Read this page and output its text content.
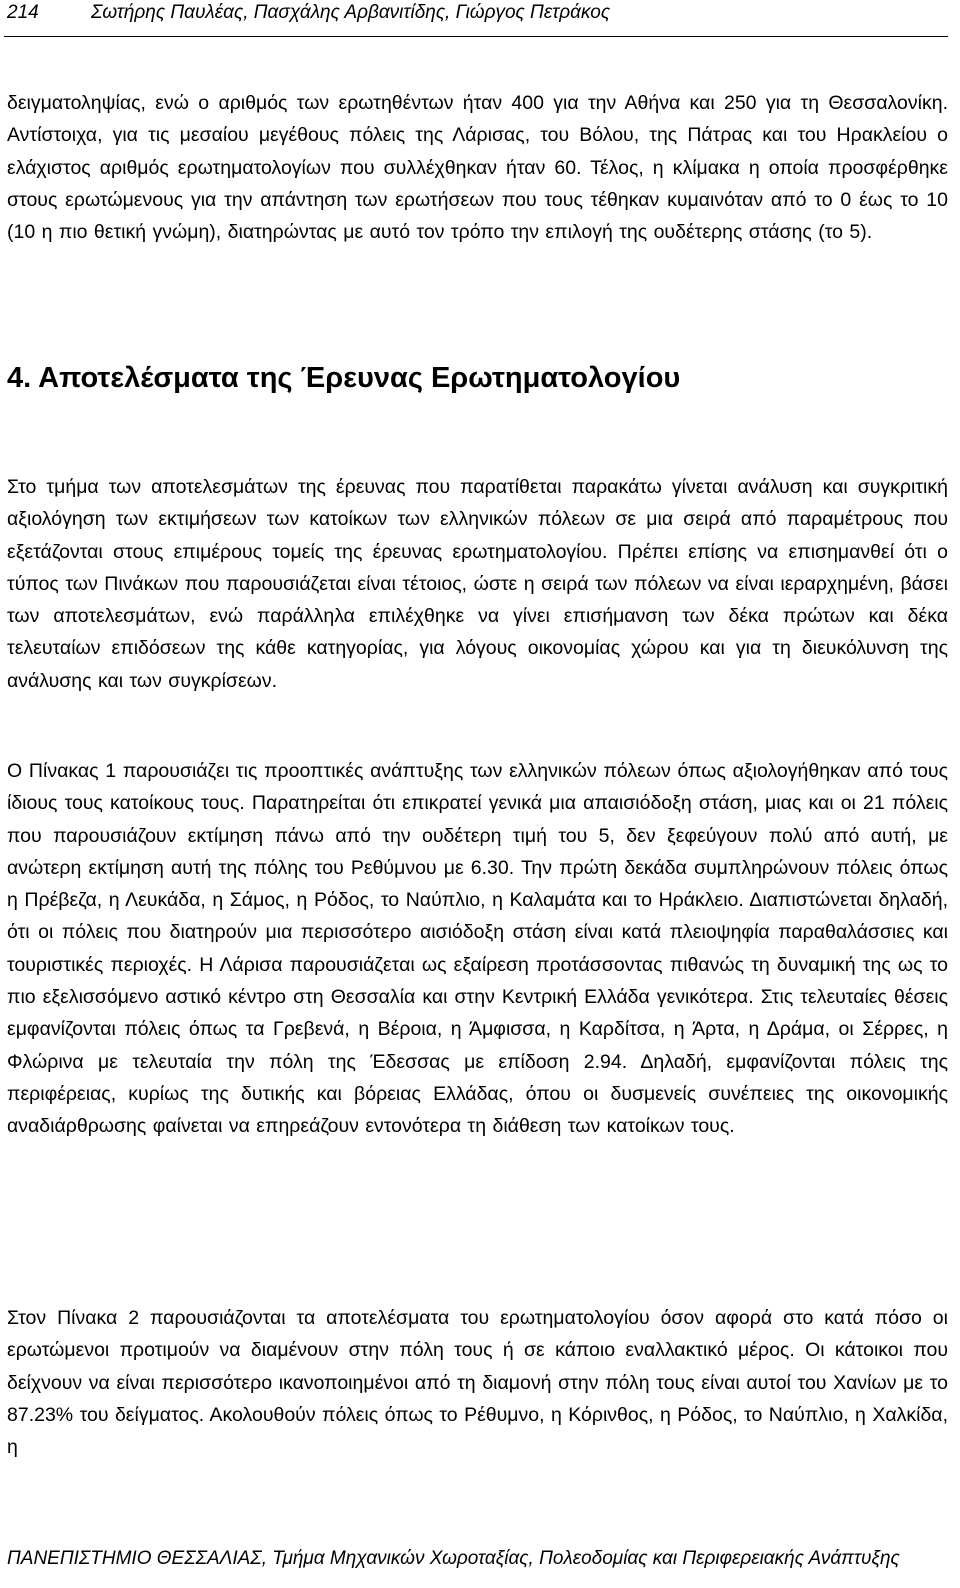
214	Σωτήρης Παυλέας, Πασχάλης Αρβανιτίδης, Γιώργος Πετράκος
δειγματοληψίας, ενώ ο αριθμός των ερωτηθέντων ήταν 400 για την Αθήνα και 250 για τη Θεσσαλονίκη. Αντίστοιχα, για τις μεσαίου μεγέθους πόλεις της Λάρισας, του Βόλου, της Πάτρας και του Ηρακλείου ο ελάχιστος αριθμός ερωτηματολογίων που συλλέχθηκαν ήταν 60. Τέλος, η κλίμακα η οποία προσφέρθηκε στους ερωτώμενους για την απάντηση των ερωτήσεων που τους τέθηκαν κυμαινόταν από το 0 έως το 10 (10 η πιο θετική γνώμη), διατηρώντας με αυτό τον τρόπο την επιλογή της ουδέτερης στάσης (το 5).
4. Αποτελέσματα της Έρευνας Ερωτηματολογίου
Στο τμήμα των αποτελεσμάτων της έρευνας που παρατίθεται παρακάτω γίνεται ανάλυση και συγκριτική αξιολόγηση των εκτιμήσεων των κατοίκων των ελληνικών πόλεων σε μια σειρά από παραμέτρους που εξετάζονται στους επιμέρους τομείς της έρευνας ερωτηματολογίου. Πρέπει επίσης να επισημανθεί ότι ο τύπος των Πινάκων που παρουσιάζεται είναι τέτοιος, ώστε η σειρά των πόλεων να είναι ιεραρχημένη, βάσει των αποτελεσμάτων, ενώ παράλληλα επιλέχθηκε να γίνει επισήμανση των δέκα πρώτων και δέκα τελευταίων επιδόσεων της κάθε κατηγορίας, για λόγους οικονομίας χώρου και για τη διευκόλυνση της ανάλυσης και των συγκρίσεων.
Ο Πίνακας 1 παρουσιάζει τις προοπτικές ανάπτυξης των ελληνικών πόλεων όπως αξιολογήθηκαν από τους ίδιους τους κατοίκους τους. Παρατηρείται ότι επικρατεί γενικά μια απαισιόδοξη στάση, μιας και οι 21 πόλεις που παρουσιάζουν εκτίμηση πάνω από την ουδέτερη τιμή του 5, δεν ξεφεύγουν πολύ από αυτή, με ανώτερη εκτίμηση αυτή της πόλης του Ρεθύμνου με 6.30. Την πρώτη δεκάδα συμπληρώνουν πόλεις όπως η Πρέβεζα, η Λευκάδα, η Σάμος, η Ρόδος, το Ναύπλιο, η Καλαμάτα και το Ηράκλειο. Διαπιστώνεται δηλαδή, ότι οι πόλεις που διατηρούν μια περισσότερο αισιόδοξη στάση είναι κατά πλειοψηφία παραθαλάσσιες και τουριστικές περιοχές. Η Λάρισα παρουσιάζεται ως εξαίρεση προτάσσοντας πιθανώς τη δυναμική της ως το πιο εξελισσόμενο αστικό κέντρο στη Θεσσαλία και στην Κεντρική Ελλάδα γενικότερα. Στις τελευταίες θέσεις εμφανίζονται πόλεις όπως τα Γρεβενά, η Βέροια, η Άμφισσα, η Καρδίτσα, η Άρτα, η Δράμα, οι Σέρρες, η Φλώρινα με τελευταία την πόλη της Έδεσσας με επίδοση 2.94. Δηλαδή, εμφανίζονται πόλεις της περιφέρειας, κυρίως της δυτικής και βόρειας Ελλάδας, όπου οι δυσμενείς συνέπειες της οικονομικής αναδιάρθρωσης φαίνεται να επηρεάζουν εντονότερα τη διάθεση των κατοίκων τους.
Στον Πίνακα 2 παρουσιάζονται τα αποτελέσματα του ερωτηματολογίου όσον αφορά στο κατά πόσο οι ερωτώμενοι προτιμούν να διαμένουν στην πόλη τους ή σε κάποιο εναλλακτικό μέρος. Οι κάτοικοι που δείχνουν να είναι περισσότερο ικανοποιημένοι από τη διαμονή στην πόλη τους είναι αυτοί του Χανίων με το 87.23% του δείγματος. Ακολουθούν πόλεις όπως το Ρέθυμνο, η Κόρινθος, η Ρόδος, το Ναύπλιο, η Χαλκίδα, η
ΠΑΝΕΠΙΣΤΗΜΙΟ ΘΕΣΣΑΛΙΑΣ, Τμήμα Μηχανικών Χωροταξίας, Πολεοδομίας και Περιφερειακής Ανάπτυξης
